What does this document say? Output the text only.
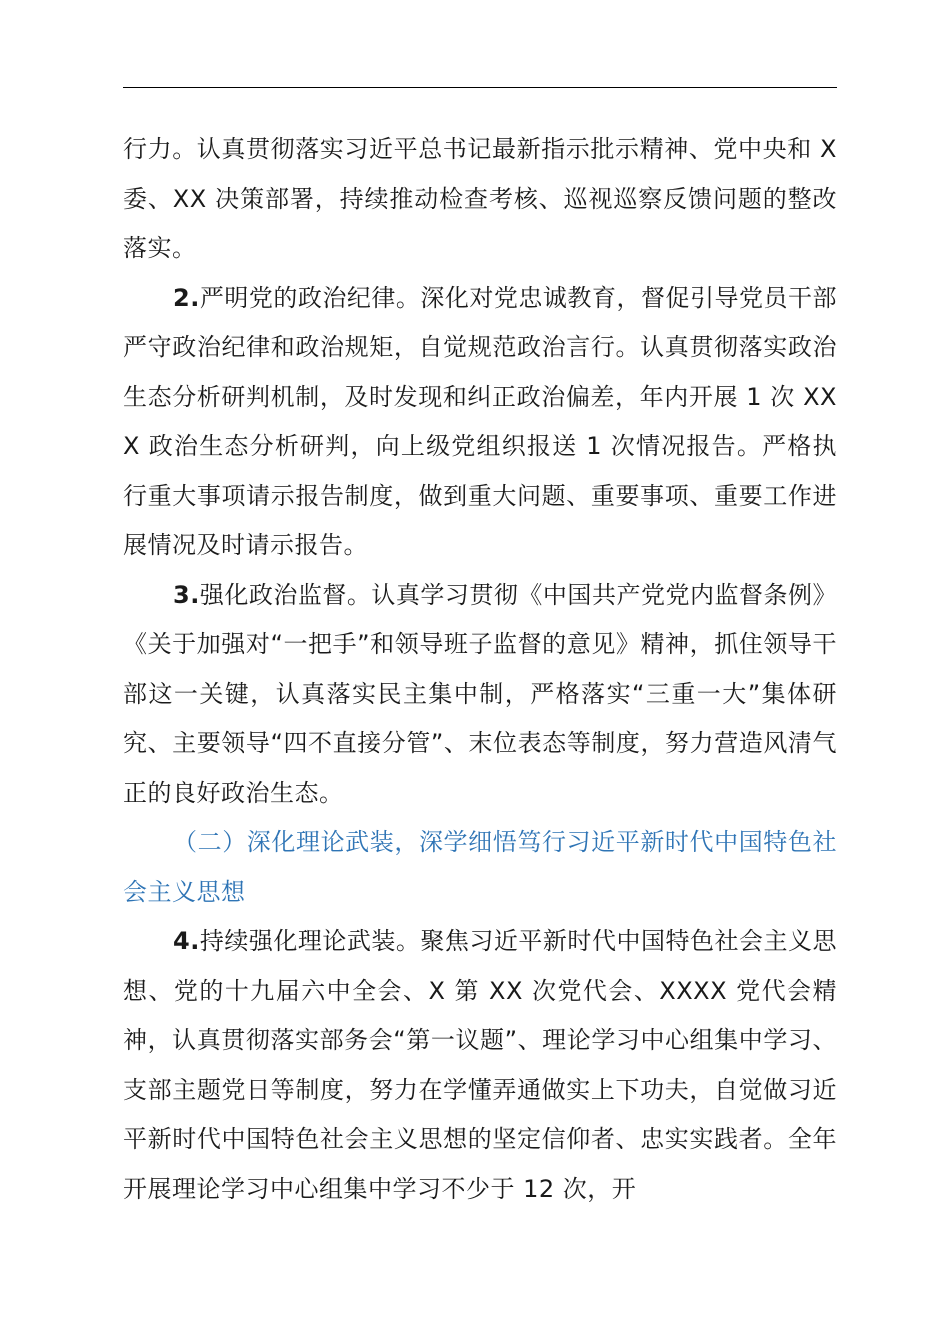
行力。认真贯彻落实习近平总书记最新指示批示精神、党中央和 X 委、XX 决策部署，持续推动检查考核、巡视巡察反馈问题的整改落实。

2.严明党的政治纪律。深化对党忠诚教育，督促引导党员干部严守政治纪律和政治规矩，自觉规范政治言行。认真贯彻落实政治生态分析研判机制，及时发现和纠正政治偏差，年内开展 1 次 XXX 政治生态分析研判，向上级党组织报送 1 次情况报告。严格执行重大事项请示报告制度，做到重大问题、重要事项、重要工作进展情况及时请示报告。

3.强化政治监督。认真学习贯彻《中国共产党党内监督条例》《关于加强对“一把手”和领导班子监督的意见》精神，抓住领导干部这一关键，认真落实民主集中制，严格落实“三重一大”集体研究、主要领导“四不直接分管”、末位表态等制度，努力营造风清气正的良好政治生态。

（二）深化理论武装，深学细悟笃行习近平新时代中国特色社会主义思想

4.持续强化理论武装。聚焦习近平新时代中国特色社会主义思想、党的十九届六中全会、X 第 XX 次党代会、XXXX 党代会精神，认真贯彻落实部务会“第一议题”、理论学习中心组集中学习、支部主题党日等制度，努力在学懂弄通做实上下功夫，自觉做习近平新时代中国特色社会主义思想的坚定信仰者、忠实实践者。全年开展理论学习中心组集中学习不少于 12 次，开
